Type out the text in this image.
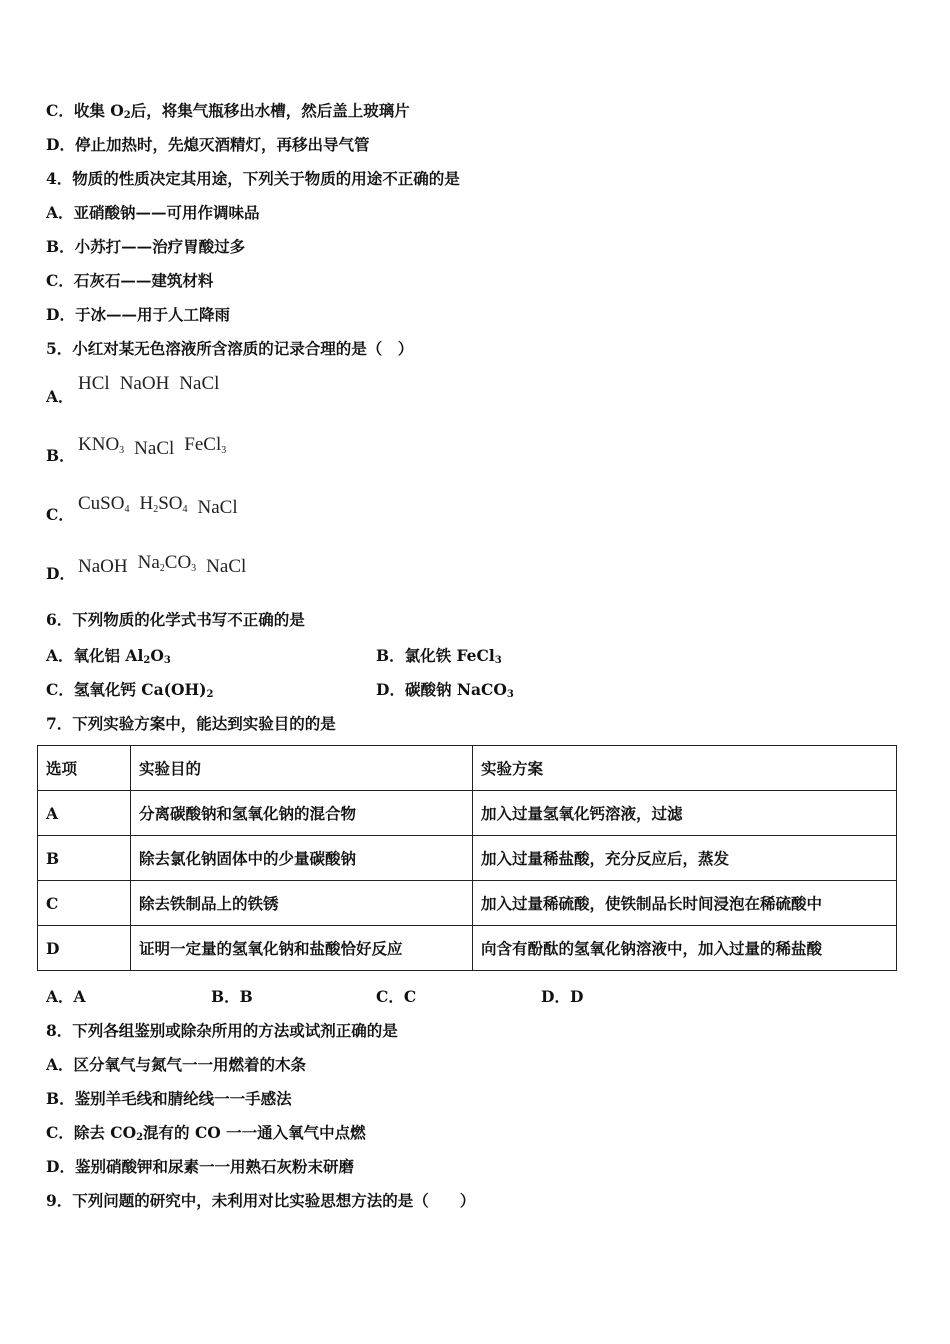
C．收集 $O_2$后，将集气瓶移出水槽，然后盖上玻璃片
D．停止加热时，先熄灭酒精灯，再移出导气管
4．物质的性质决定其用途，下列关于物质的用途不正确的是
A．亚硝酸钠——可用作调味品
B．小苏打——治疗胃酸过多
C．石灰石——建筑材料
D．于冰——用于人工降雨
5．小红对某无色溶液所含溶质的记录合理的是（　）
A．
HCl NaOH NaCl
B．
$KNO_3$ NaCl FeCl$_3$
C．
CuSO$_4$ $H_2SO_4$ NaCl
D． NaOH $Na_2CO_3$ NaCl
6．下列物质的化学式书写不正确的是
A．氧化铝 $Al_2O_3$	B．氯化铁 FeCl$_3$
C．氢氧化钙 $Ca(OH)_2$	D．碳酸钠 NaCO$_3$
7．下列实验方案中，能达到实验目的的是
选项	实验目的	实验方案
A	分离碳酸钠和氢氧化钠的混合物	加入过量氢氧化钙溶液，过滤
B	除去氯化钠固体中的少量碳酸钠	加入过量稀盐酸，充分反应后，蒸发
C	除去铁制品上的铁锈	加入过量稀硫酸，使铁制品长时间浸泡在稀硫酸中
D	证明一定量的氢氧化钠和盐酸恰好反应	向含有酚酞的氢氧化钠溶液中，加入过量的稀盐酸
A．A	B．B	C．C	D．D
8．下列各组鉴别或除杂所用的方法或试剂正确的是
A．区分氧气与氮气一一用燃着的木条
B．鉴别羊毛线和腈纶线一一手感法
C．除去 $CO_2$混有的 CO 一一通入氧气中点燃
D．鉴别硝酸钾和尿素一一用熟石灰粉末研磨
9．下列问题的研究中，未利用对比实验思想方法的是（　　）
